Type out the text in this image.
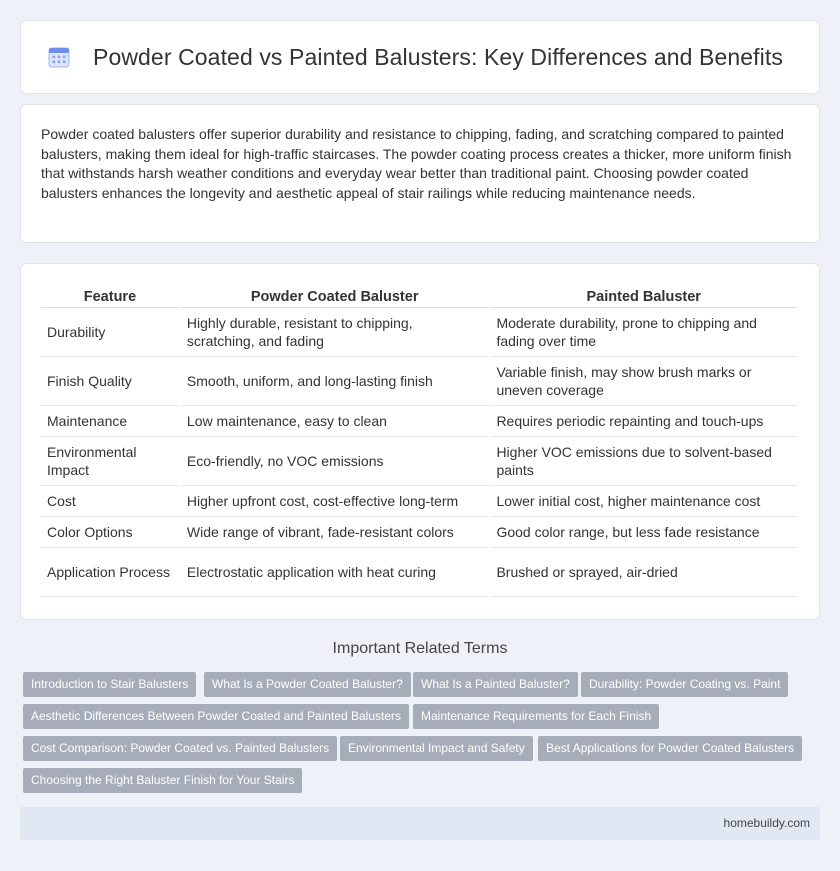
Powder Coated vs Painted Balusters: Key Differences and Benefits

Powder coated balusters offer superior durability and resistance to chipping, fading, and scratching compared to painted balusters, making them ideal for high-traffic staircases. The powder coating process creates a thicker, more uniform finish that withstands harsh weather conditions and everyday wear better than traditional paint. Choosing powder coated balusters enhances the longevity and aesthetic appeal of stair railings while reducing maintenance needs.

Feature	Powder Coated Baluster	Painted Baluster
Durability	Highly durable, resistant to chipping, scratching, and fading	Moderate durability, prone to chipping and fading over time
Finish Quality	Smooth, uniform, and long-lasting finish	Variable finish, may show brush marks or uneven coverage
Maintenance	Low maintenance, easy to clean	Requires periodic repainting and touch-ups
Environmental Impact	Eco-friendly, no VOC emissions	Higher VOC emissions due to solvent-based paints
Cost	Higher upfront cost, cost-effective long-term	Lower initial cost, higher maintenance cost
Color Options	Wide range of vibrant, fade-resistant colors	Good color range, but less fade resistance
Application Process	Electrostatic application with heat curing	Brushed or sprayed, air-dried
Important Related Terms
Introduction to Stair Balusters	What Is a Powder Coated Baluster?	What Is a Painted Baluster?	Durability: Powder Coating vs. Paint
Aesthetic Differences Between Powder Coated and Painted Balusters	Maintenance Requirements for Each Finish
Cost Comparison: Powder Coated vs. Painted Balusters	Environmental Impact and Safety	Best Applications for Powder Coated Balusters
Choosing the Right Baluster Finish for Your Stairs
homebuildy.com
